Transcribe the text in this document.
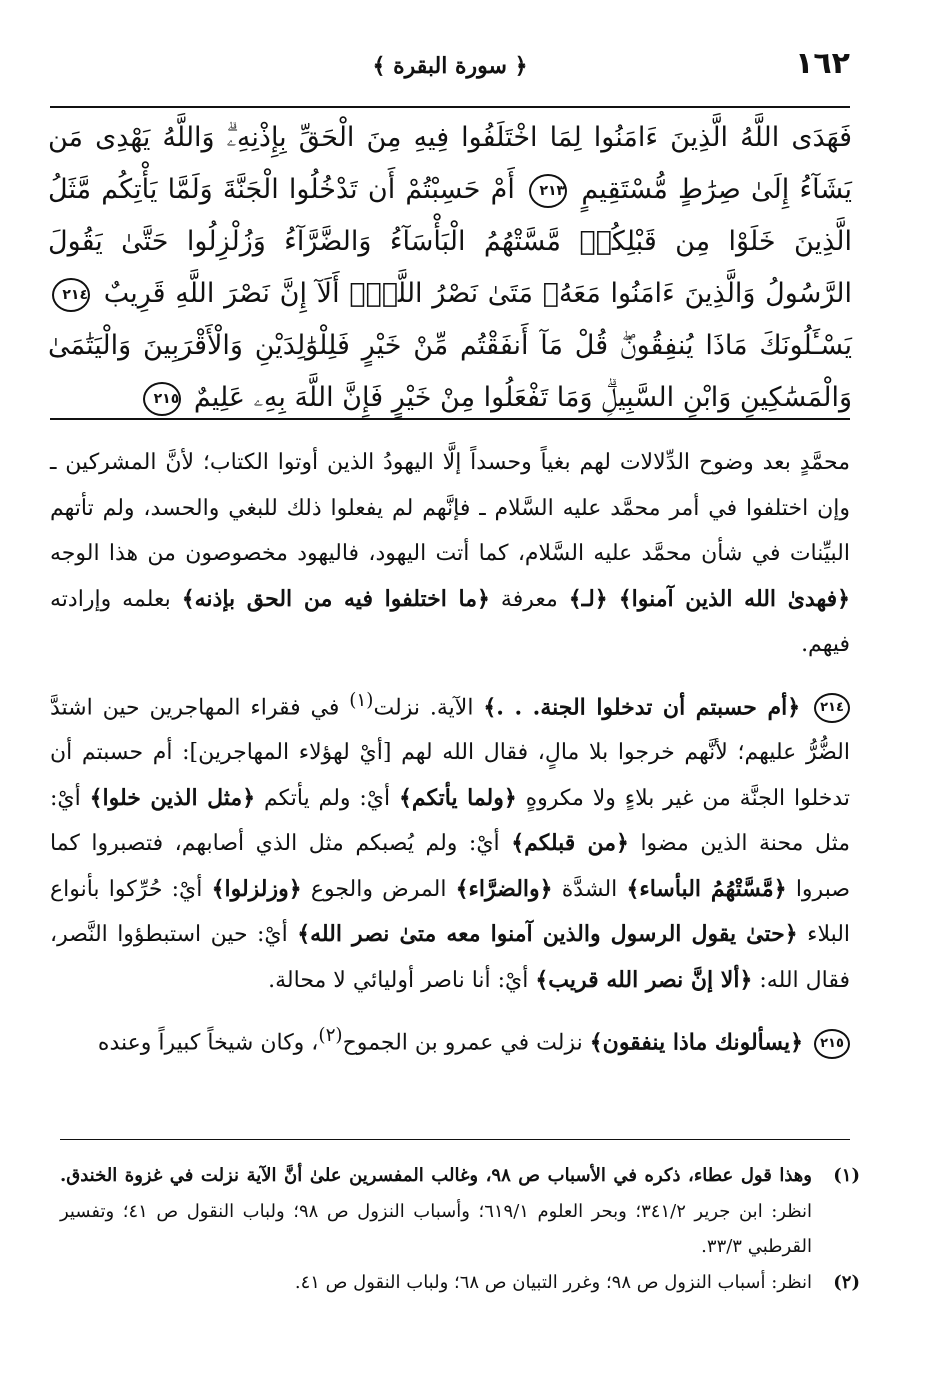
١٦٢
﴿ سورة البقرة ﴾
فَهَدَى اللَّهُ الَّذِينَ ءَامَنُوا لِمَا اخْتَلَفُوا فِيهِ مِنَ الْحَقِّ بِإِذْنِهِۦۗ وَاللَّهُ يَهْدِى مَن يَشَآءُ إِلَىٰ صِرَٰطٍ مُّسْتَقِيمٍ ٢١٣ أَمْ حَسِبْتُمْ أَن تَدْخُلُوا الْجَنَّةَ وَلَمَّا يَأْتِكُم مَّثَلُ الَّذِينَ خَلَوْا مِن قَبْلِكُمۖ مَّسَّتْهُمُ الْبَأْسَآءُ وَالضَّرَّآءُ وَزُلْزِلُوا حَتَّىٰ يَقُولَ الرَّسُولُ وَالَّذِينَ ءَامَنُوا مَعَهُۥ مَتَىٰ نَصْرُ اللَّهِۗ أَلَآ إِنَّ نَصْرَ اللَّهِ قَرِيبٌ ٢١٤ يَسْـَٔلُونَكَ مَاذَا يُنفِقُونَۖ قُلْ مَآ أَنفَقْتُم مِّنْ خَيْرٍ فَلِلْوَٰلِدَيْنِ وَالْأَقْرَبِينَ وَالْيَتَٰمَىٰ وَالْمَسَٰكِينِ وَابْنِ السَّبِيلِۗ وَمَا تَفْعَلُوا مِنْ خَيْرٍ فَإِنَّ اللَّهَ بِهِۦ عَلِيمٌ ٢١٥

محمَّدٍ بعد وضوح الدِّلالات لهم بغياً وحسداً إلَّا اليهودُ الذين أوتوا الكتاب؛ لأنَّ المشركين ـ وإن اختلفوا في أمر محمَّد عليه السَّلام ـ فإنَّهم لم يفعلوا ذلك للبغي والحسد، ولم تأتهم البيِّنات في شأن محمَّد عليه السَّلام، كما أتت اليهود، فاليهود مخصوصون من هذا الوجه ﴿فهدىٰ الله الذين آمنوا﴾ ﴿لـ﴾ معرفة ﴿ما اختلفوا فيه من الحق بإذنه﴾ بعلمه وإرادته فيهم.

٢١٤ ﴿أم حسبتم أن تدخلوا الجنة. . .﴾ الآية. نزلت$^{(١)}$ في فقراء المهاجرين حين اشتدَّ الضُّرُّ عليهم؛ لأنَّهم خرجوا بلا مالٍ، فقال الله لهم [أيْ لهؤلاء المهاجرين]: أم حسبتم أن تدخلوا الجنَّة من غير بلاءٍ ولا مكروهٍ ﴿ولما يأتكم﴾ أيْ: ولم يأتكم ﴿مثل الذين خلوا﴾ أيْ: مثل محنة الذين مضوا ﴿من قبلكم﴾ أيْ: ولم يُصبكم مثل الذي أصابهم، فتصبروا كما صبروا ﴿مَّسَّتْهُمُ البأساء﴾ الشدَّة ﴿والضرَّاء﴾ المرض والجوع ﴿وزلزلوا﴾ أيْ: حُرِّكوا بأنواع البلاء ﴿حتىٰ يقول الرسول والذين آمنوا معه متىٰ نصر الله﴾ أيْ: حين استبطؤوا النَّصر، فقال الله: ﴿ألا إنَّ نصر الله قريب﴾ أيْ: أنا ناصر أوليائي لا محالة.

٢١٥ ﴿يسألونك ماذا ينفقون﴾ نزلت في عمرو بن الجموح$^{(٢)}$، وكان شيخاً كبيراً وعنده

(١)
وهذا قول عطاء، ذكره في الأسباب ص ٩٨، وغالب المفسرين علىٰ أنَّ الآية نزلت في غزوة الخندق. انظر: ابن جرير ٣٤١/٢؛ وبحر العلوم ٦١٩/١؛ وأسباب النزول ص ٩٨؛ ولباب النقول ص ٤١؛ وتفسير القرطبي ٣٣/٣.

(٢)
انظر: أسباب النزول ص ٩٨؛ وغرر التبيان ص ٦٨؛ ولباب النقول ص ٤١.
